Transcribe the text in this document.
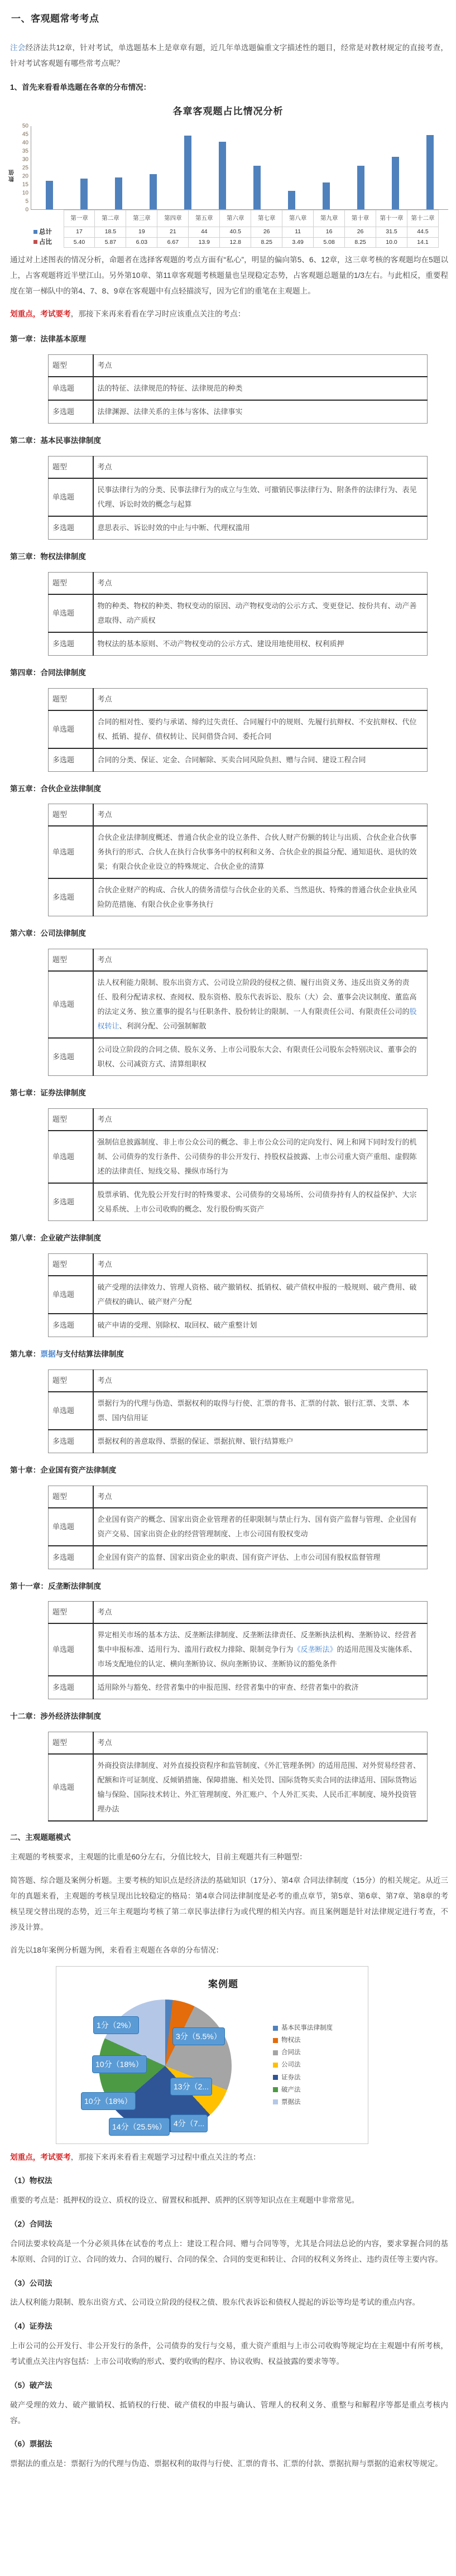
一、客观题常考考点

注会经济法共12章，针对考试，单选题基本上是章章有题，近几年单选题偏重文字描述性的题目，经常是对教材规定的直接考查，针对考试客观题有哪些常考点呢？

1、首先来看看单选题在各章的分布情况：

各章客观题占比情况分析
数值
50
45
40
35
30
25
20
15
10
5
0
	第一章	第二章	第三章	第四章	第五章	第六章	第七章	第八章	第九章	第十章	第十一章	第十二章
总计	17	18.5	19	21	44	40.5	26	11	16	26	31.5	44.5
占比	5.40	5.87	6.03	6.67	13.9	12.8	8.25	3.49	5.08	8.25	10.0	14.1

通过对上述图表的情况分析，命题者在选择客观题的考点方面有“私心”，明显的偏向第5、6、12章，这三章考核的客观题均在5题以上，占客观题将近半壁江山。另外第10章、第11章客观题考核题量也呈现稳定态势，占客观题总题量的1/3左右。与此相反，重要程度在第一梯队中的第4、7、8、9章在客观题中有点轻描淡写，因为它们的重笔在主观题上。

划重点，考试要考，那接下来再来看看在学习时应该重点关注的考点：

第一章：法律基本原理
题型	考点
单选题	法的特征、法律规范的特征、法律规范的种类
多选题	法律渊源、法律关系的主体与客体、法律事实
第二章：基本民事法律制度
题型	考点
单选题	民事法律行为的分类、民事法律行为的成立与生效、可撤销民事法律行为、附条件的法律行为、表见代理、诉讼时效的概念与起算
多选题	意思表示、诉讼时效的中止与中断、代理权滥用
第三章：物权法律制度
题型	考点
单选题	物的种类、物权的种类、物权变动的原因、动产物权变动的公示方式、变更登记、按份共有、动产善意取得、动产质权
多选题	物权法的基本原则、不动产物权变动的公示方式、建设用地使用权、权利质押
第四章：合同法律制度
题型	考点
单选题	合同的相对性、要约与承诺、缔约过失责任、合同履行中的规则、先履行抗辩权、不安抗辩权、代位权、抵销、提存、债权转让、民间借贷合同、委托合同
多选题	合同的分类、保证、定金、合同解除、买卖合同风险负担、赠与合同、建设工程合同
第五章：合伙企业法律制度
题型	考点
单选题	合伙企业法律制度概述、普通合伙企业的设立条件、合伙人财产份额的转让与出质、合伙企业合伙事务执行的形式、合伙人在执行合伙事务中的权利和义务、合伙企业的损益分配、通知退伙、退伙的效果；有限合伙企业设立的特殊规定、合伙企业的清算
多选题	合伙企业财产的构成、合伙人的债务清偿与合伙企业的关系、当然退伙、特殊的普通合伙企业执业风险防范措施、有限合伙企业事务执行
第六章：公司法律制度
题型	考点
单选题	法人权利能力限制、股东出资方式、公司设立阶段的侵权之债、履行出资义务、违反出资义务的责任、股利分配请求权、查阅权、股东资格、股东代表诉讼、股东（大）会、董事会决议制度、董监高的法定义务、独立董事的提名与任职条件、股份转让的限制、一人有限责任公司、有限责任公司的股权转让、利润分配、公司强制解散
多选题	公司设立阶段的合同之债、股东义务、上市公司股东大会、有限责任公司股东会特别决议、董事会的职权、公司减资方式、清算组职权
第七章：证券法律制度
题型	考点
单选题	强制信息披露制度、非上市公众公司的概念、非上市公众公司的定向发行、网上和网下同时发行的机制、公司债券的发行条件、公司债券的非公开发行、持股权益披露、上市公司重大资产重组、虚假陈述的法律责任、短线交易、操纵市场行为
多选题	股票承销、优先股公开发行时的特殊要求、公司债券的交易场所、公司债券持有人的权益保护、大宗交易系统、上市公司收购的概念、发行股份购买资产
第八章：企业破产法律制度
题型	考点
单选题	破产受理的法律效力、管理人资格、破产撤销权、抵销权、破产债权申报的一般规则、破产费用、破产债权的确认、破产财产分配
多选题	破产申请的受理、别除权、取回权、破产重整计划
第九章：票据与支付结算法律制度
题型	考点
单选题	票据行为的代理与伪造、票据权利的取得与行使、汇票的背书、汇票的付款、银行汇票、支票、本票、国内信用证
多选题	票据权利的善意取得、票据的保证、票据抗辩、银行结算账户
第十章：企业国有资产法律制度
题型	考点
单选题	企业国有资产的概念、国家出资企业管理者的任职限制与禁止行为、国有资产监督与管理、企业国有资产交易、国家出资企业的经营管理制度、上市公司国有股权变动
多选题	企业国有资产的监督、国家出资企业的职责、国有资产评估、上市公司国有股权监督管理
第十一章：反垄断法律制度
题型	考点
单选题	界定相关市场的基本方法、反垄断法律制度、反垄断法律责任、反垄断执法机构、垄断协议、经营者集中申报标准、适用行为、滥用行政权力排除、限制竞争行为《反垄断法》的适用范围及实施体系、市场支配地位的认定、横向垄断协议、纵向垄断协议、垄断协议的豁免条件
多选题	适用除外与豁免、经营者集中的申报范围、经营者集中的审查、经营者集中的救济
十二章：涉外经济法律制度
题型	考点
单选题	外商投资法律制度、对外直接投资程序和监管制度、《外汇管理条例》的适用范围、对外贸易经营者、配额和许可证制度、反倾销措施、保障措施、相关处罚、国际货物买卖合同的法律适用、国际货物运输与保险、国际技术转让、外汇管理制度、外汇账户、个人外汇买卖、人民币汇率制度、境外投资管理办法
二、主观题题模式

主观题的考核要求，主观题的比重是60分左右，分值比较大，目前主观题共有三种题型：

简答题、综合题及案例分析题。主要考核的知识点是经济法的基础知识（17分）、第4章 合同法律制度（15分）的相关规定。从近三年的真题来看，主观题的考核呈现出比较稳定的格局：第4章合同法律制度是必考的重点章节，第5章、第6章、第7章、第8章的考核呈现交替出现的态势，近三年主观题均考核了第二章民事法律行为或代理的相关内容。而且案例题是针对法律规定进行考查，不涉及计算。

首先以18年案例分析题为例，来看看主观题在各章的分布情况：

案例题
1分（2%）
3分（5.5%）
13分（2...
4分（7...
14分（25.5%）
10分（18%）
10分（18%）
基本民事法律制度
物权法
合同法
公司法
证券法
破产法
票据法

划重点，考试要考，那接下来再来看看主观题学习过程中重点关注的考点：

（1）物权法

重要的考点是：抵押权的设立、质权的设立、留置权和抵押、质押的区别等知识点在主观题中非常常见。

（2）合同法

合同法要求较高是一个分必须具体在试卷的考点上：建设工程合同、赠与合同等等，尤其是合同法总论的内容，要求掌握合同的基本原则、合同的订立、合同的效力、合同的履行、合同的保全、合同的变更和转让、合同的权利义务终止、违约责任等主要内容。

（3）公司法

法人权利能力限制、股东出资方式、公司设立阶段的侵权之债、股东代表诉讼和债权人提起的诉讼等均是考试的重点内容。

（4）证券法

上市公司的公开发行、非公开发行的条件，公司债券的发行与交易，重大资产重组与上市公司收购等规定均在主观题中有所考核，考试重点关注内容包括：上市公司收购的形式、要约收购的程序、协议收购、权益披露的要求等等。

（5）破产法

破产受理的效力、破产撤销权、抵销权的行使、破产债权的申报与确认、管理人的权利义务、重整与和解程序等都是重点考核内容。

（6）票据法

票据法的重点是：票据行为的代理与伪造、票据权利的取得与行使、汇票的背书、汇票的付款、票据抗辩与票据的追索权等规定。
